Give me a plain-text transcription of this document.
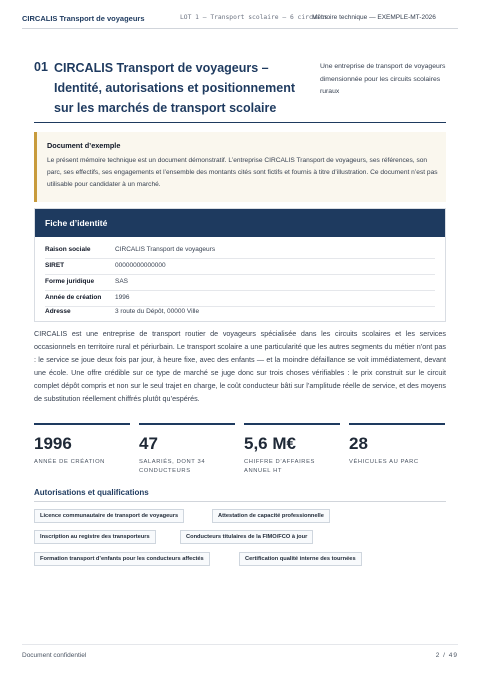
CIRCALIS Transport de voyageurs	LOT 1 — Transport scolaire — 6 circuits
Mémoire technique — EXEMPLE-MT-2026
01 CIRCALIS Transport de voyageurs – Identité, autorisations et positionnement sur les marchés de transport scolaire
Une entreprise de transport de voyageurs dimensionnée pour les circuits scolaires ruraux
Document d’exemple
Le présent mémoire technique est un document démonstratif. L’entreprise CIRCALIS Transport de voyageurs, ses références, son parc, ses effectifs, ses engagements et l’ensemble des montants cités sont fictifs et fournis à titre d’illustration. Ce document n’est pas utilisable pour candidater à un marché.
Fiche d’identité
Raison sociale	CIRCALIS Transport de voyageurs
SIRET	00000000000000
Forme juridique	SAS
Année de création 1996
Adresse	3 route du Dépôt, 00000 Ville
CIRCALIS est une entreprise de transport routier de voyageurs spécialisée dans les circuits scolaires et les services occasionnels en territoire rural et périurbain. Le transport scolaire a une particularité que les autres segments du métier n’ont pas : le service se joue deux fois par jour, à heure fixe, avec des enfants — et la moindre défaillance se voit immédiatement, devant une école. Une offre crédible sur ce type de marché se juge donc sur trois choses vérifiables : le prix construit sur le circuit complet dépôt compris et non sur le seul trajet en charge, le coût conducteur bâti sur l’amplitude réelle de service, et des moyens de substitution réellement chiffrés plutôt qu’espérés.
1996
ANNÉE DE CRÉATION
47
SALARIÉS, DONT 34 CONDUCTEURS
5,6 M€
CHIFFRE D’AFFAIRES ANNUEL HT
28
VÉHICULES AU PARC
Autorisations et qualifications
Licence communautaire de transport de voyageurs	Attestation de capacité professionnelle
Inscription au registre des transporteurs	Conducteurs titulaires de la FIMO/FCO à jour
Formation transport d’enfants pour les conducteurs affectés	Certification qualité interne des tournées
Document confidentiel	2 / 49
